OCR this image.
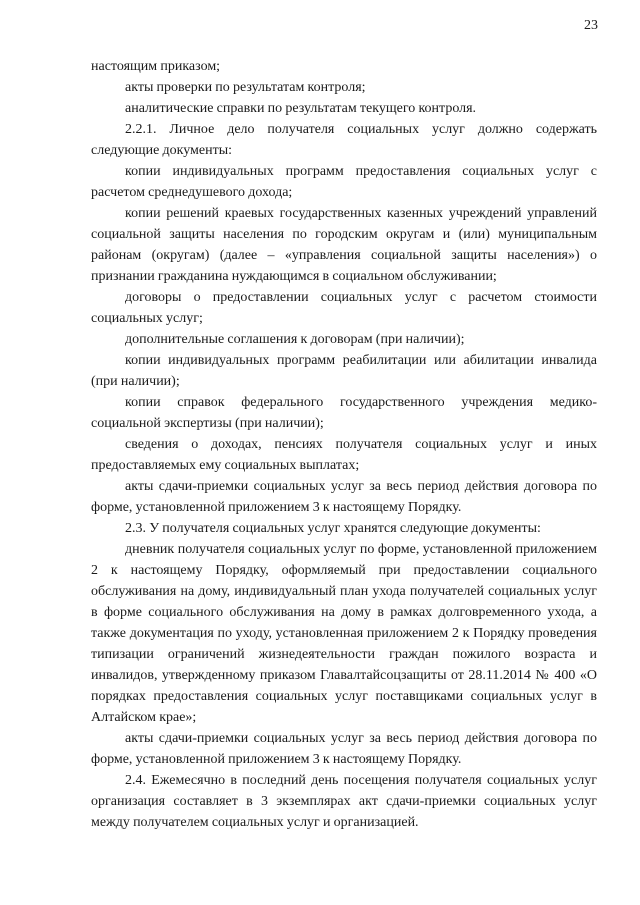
23

настоящим приказом;

акты проверки по результатам контроля;

аналитические справки по результатам текущего контроля.

2.2.1. Личное дело получателя социальных услуг должно содержать следующие документы:

копии индивидуальных программ предоставления социальных услуг с расчетом среднедушевого дохода;

копии решений краевых государственных казенных учреждений управлений социальной защиты населения по городским округам и (или) муниципальным районам (округам) (далее – «управления социальной защиты населения») о признании гражданина нуждающимся в социальном обслуживании;

договоры о предоставлении социальных услуг с расчетом стоимости социальных услуг;

дополнительные соглашения к договорам (при наличии);

копии индивидуальных программ реабилитации или абилитации инвалида (при наличии);

копии справок федерального государственного учреждения медико-социальной экспертизы (при наличии);

сведения о доходах, пенсиях получателя социальных услуг и иных предоставляемых ему социальных выплатах;

акты сдачи-приемки социальных услуг за весь период действия договора по форме, установленной приложением 3 к настоящему Порядку.

2.3. У получателя социальных услуг хранятся следующие документы:

дневник получателя социальных услуг по форме, установленной приложением 2 к настоящему Порядку, оформляемый при предоставлении социального обслуживания на дому, индивидуальный план ухода получателей социальных услуг в форме социального обслуживания на дому в рамках долговременного ухода, а также документация по уходу, установленная приложением 2 к Порядку проведения типизации ограничений жизнедеятельности граждан пожилого возраста и инвалидов, утвержденному приказом Главалтайсоцзащиты от 28.11.2014 № 400 «О порядках предоставления социальных услуг поставщиками социальных услуг в Алтайском крае»;

акты сдачи-приемки социальных услуг за весь период действия договора по форме, установленной приложением 3 к настоящему Порядку.

2.4. Ежемесячно в последний день посещения получателя социальных услуг организация составляет в 3 экземплярах акт сдачи-приемки социальных услуг между получателем социальных услуг и организацией.
